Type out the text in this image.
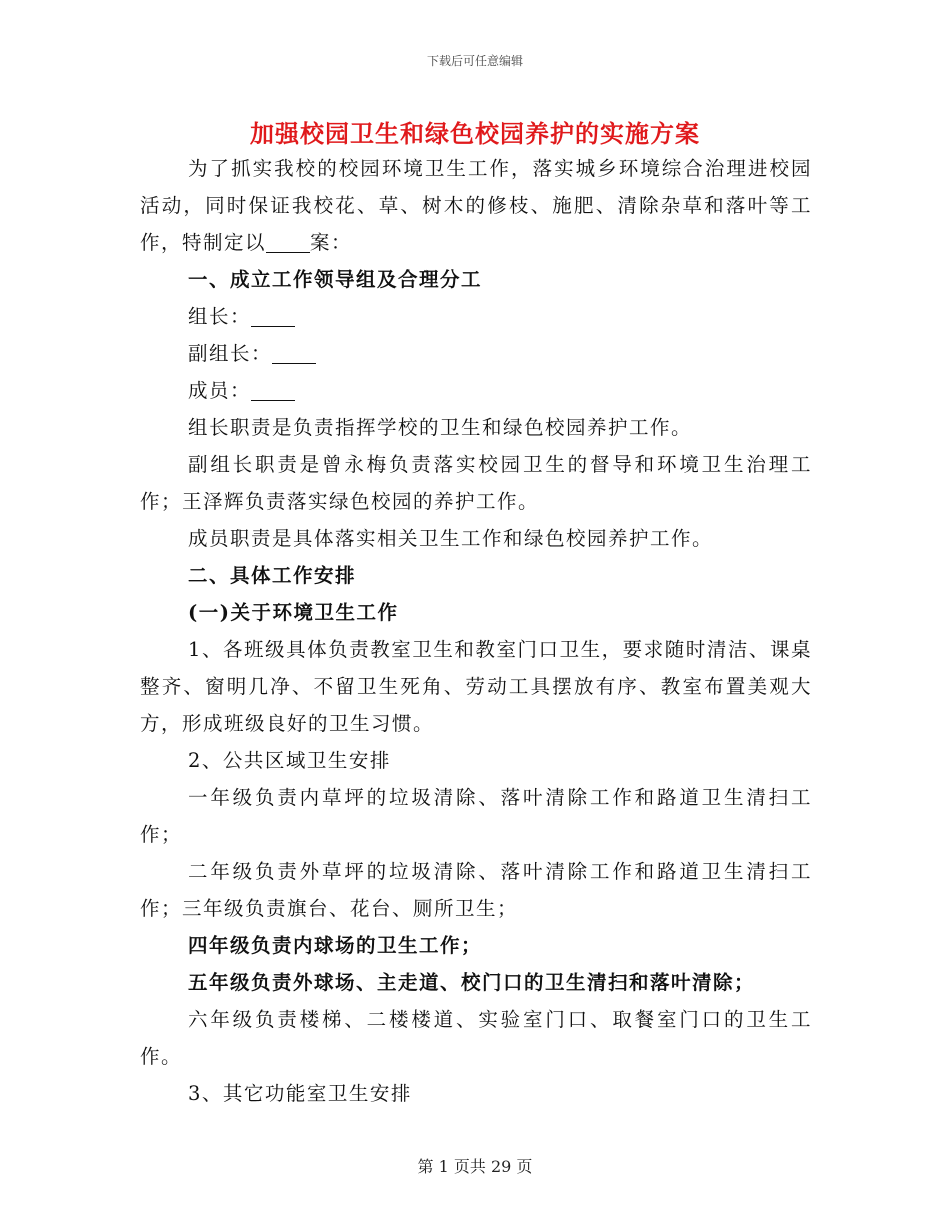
下载后可任意编辑
加强校园卫生和绿色校园养护的实施方案

为了抓实我校的校园环境卫生工作，落实城乡环境综合治理进校园活动，同时保证我校花、草、树木的修枝、施肥、清除杂草和落叶等工作，特制定以 案：

一、成立工作领导组及合理分工

组长：

副组长：

成员：

组长职责是负责指挥学校的卫生和绿色校园养护工作。

副组长职责是曾永梅负责落实校园卫生的督导和环境卫生治理工作；王泽辉负责落实绿色校园的养护工作。

成员职责是具体落实相关卫生工作和绿色校园养护工作。

二、具体工作安排

(一)关于环境卫生工作

1、各班级具体负责教室卫生和教室门口卫生，要求随时清洁、课桌整齐、窗明几净、不留卫生死角、劳动工具摆放有序、教室布置美观大方，形成班级良好的卫生习惯。

2、公共区域卫生安排

一年级负责内草坪的垃圾清除、落叶清除工作和路道卫生清扫工作；

二年级负责外草坪的垃圾清除、落叶清除工作和路道卫生清扫工作；三年级负责旗台、花台、厕所卫生；

四年级负责内球场的卫生工作；

五年级负责外球场、主走道、校门口的卫生清扫和落叶清除；

六年级负责楼梯、二楼楼道、实验室门口、取餐室门口的卫生工作。

3、其它功能室卫生安排

第 1 页共 29 页
